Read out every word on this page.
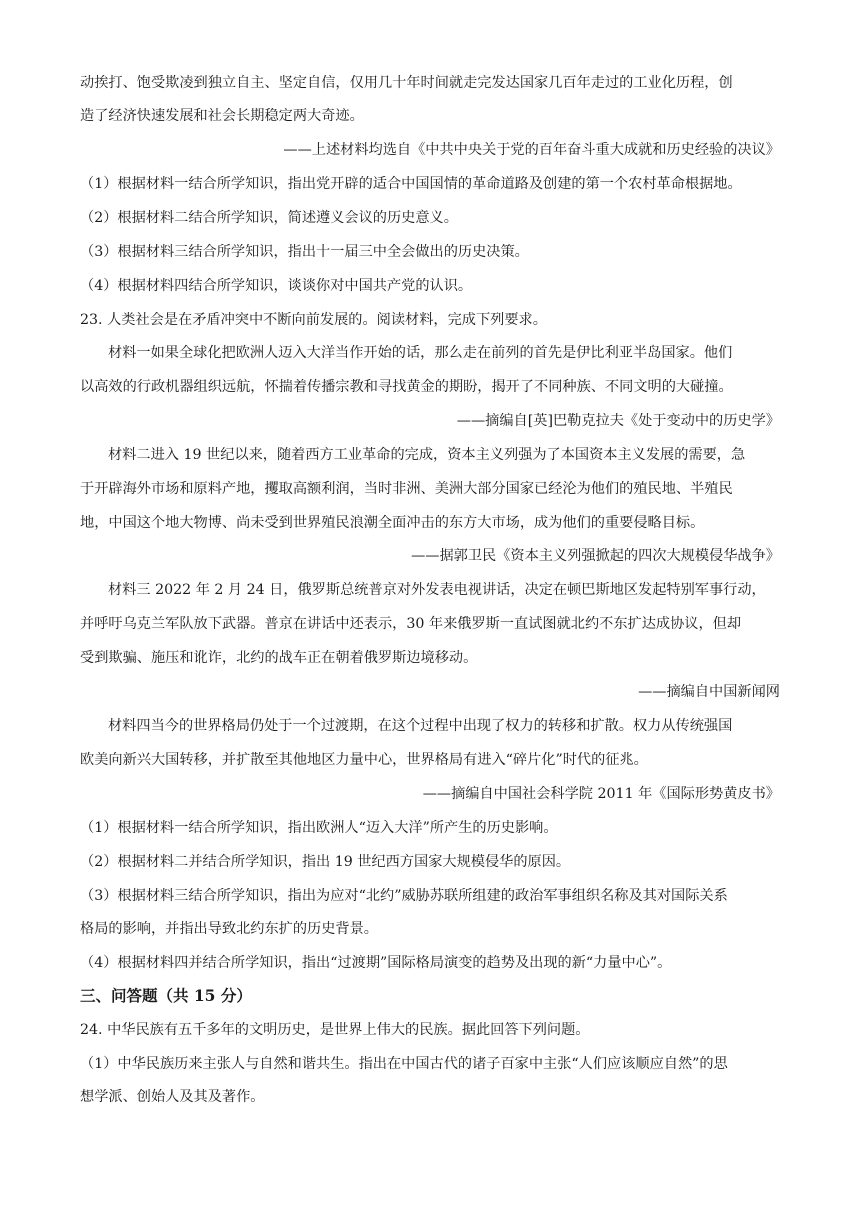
动挨打、饱受欺凌到独立自主、坚定自信，仅用几十年时间就走完发达国家几百年走过的工业化历程，创
造了经济快速发展和社会长期稳定两大奇迹。
——上述材料均选自《中共中央关于党的百年奋斗重大成就和历史经验的决议》
（1）根据材料一结合所学知识，指出党开辟的适合中国国情的革命道路及创建的第一个农村革命根据地。
（2）根据材料二结合所学知识，简述遵义会议的历史意义。
（3）根据材料三结合所学知识，指出十一届三中全会做出的历史决策。
（4）根据材料四结合所学知识，谈谈你对中国共产党的认识。
23. 人类社会是在矛盾冲突中不断向前发展的。阅读材料，完成下列要求。
材料一如果全球化把欧洲人迈入大洋当作开始的话，那么走在前列的首先是伊比利亚半岛国家。他们
以高效的行政机器组织远航，怀揣着传播宗教和寻找黄金的期盼，揭开了不同种族、不同文明的大碰撞。
——摘编自[英]巴勒克拉夫《处于变动中的历史学》
材料二进入 19 世纪以来，随着西方工业革命的完成，资本主义列强为了本国资本主义发展的需要，急
于开辟海外市场和原料产地，攫取高额利润，当时非洲、美洲大部分国家已经沦为他们的殖民地、半殖民
地，中国这个地大物博、尚未受到世界殖民浪潮全面冲击的东方大市场，成为他们的重要侵略目标。
——据郭卫民《资本主义列强掀起的四次大规模侵华战争》
材料三 2022 年 2 月 24 日，俄罗斯总统普京对外发表电视讲话，决定在顿巴斯地区发起特别军事行动，
并呼吁乌克兰军队放下武器。普京在讲话中还表示，30 年来俄罗斯一直试图就北约不东扩达成协议，但却
受到欺骗、施压和讹诈，北约的战车正在朝着俄罗斯边境移动。
——摘编自中国新闻网
材料四当今的世界格局仍处于一个过渡期，在这个过程中出现了权力的转移和扩散。权力从传统强国
欧美向新兴大国转移，并扩散至其他地区力量中心，世界格局有进入“碎片化”时代的征兆。
——摘编自中国社会科学院 2011 年《国际形势黄皮书》
（1）根据材料一结合所学知识，指出欧洲人“迈入大洋”所产生的历史影响。
（2）根据材料二并结合所学知识，指出 19 世纪西方国家大规模侵华的原因。
（3）根据材料三结合所学知识，指出为应对“北约”威胁苏联所组建的政治军事组织名称及其对国际关系
格局的影响，并指出导致北约东扩的历史背景。
（4）根据材料四并结合所学知识，指出“过渡期”国际格局演变的趋势及出现的新“力量中心”。
三、问答题（共 15 分）
24. 中华民族有五千多年的文明历史，是世界上伟大的民族。据此回答下列问题。
（1）中华民族历来主张人与自然和谐共生。指出在中国古代的诸子百家中主张“人们应该顺应自然”的思
想学派、创始人及其及著作。
